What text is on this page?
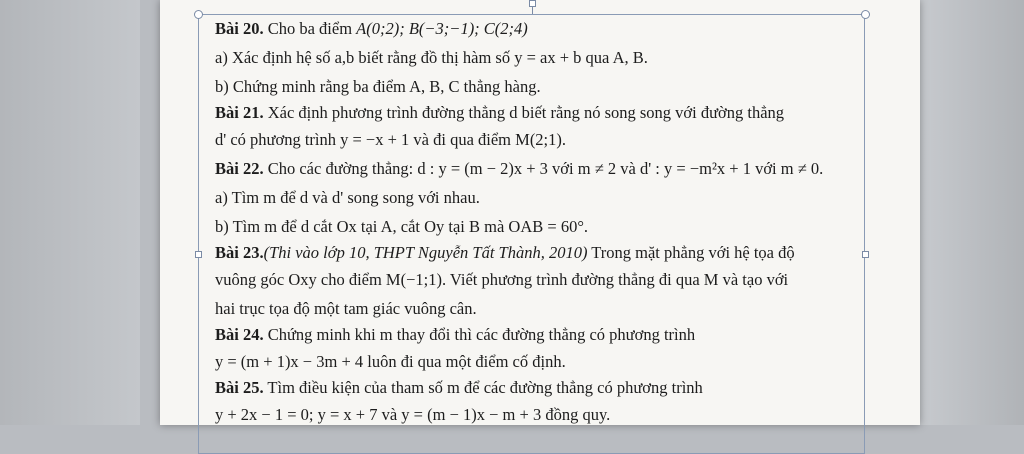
Bài 20. Cho ba điểm A(0;2); B(−3;−1); C(2;4)
a) Xác định hệ số a,b biết rằng đồ thị hàm số y = ax + b qua A, B.
b) Chứng minh rằng ba điểm A, B, C thẳng hàng.
Bài 21. Xác định phương trình đường thẳng d biết rằng nó song song với đường thẳng
d' có phương trình y = −x + 1 và đi qua điểm M(2;1).
Bài 22. Cho các đường thẳng: d : y = (m − 2)x + 3 với m ≠ 2 và d' : y = −m²x + 1 với m ≠ 0.
a) Tìm m để d và d' song song với nhau.
b) Tìm m để d cắt Ox tại A, cắt Oy tại B mà OAB = 60°.
Bài 23.(Thi vào lớp 10, THPT Nguyễn Tất Thành, 2010) Trong mặt phẳng với hệ tọa độ
vuông góc Oxy cho điểm M(−1;1). Viết phương trình đường thẳng đi qua M và tạo với
hai trục tọa độ một tam giác vuông cân.
Bài 24. Chứng minh khi m thay đổi thì các đường thẳng có phương trình
y = (m + 1)x − 3m + 4 luôn đi qua một điểm cố định.
Bài 25. Tìm điều kiện của tham số m để các đường thẳng có phương trình
y + 2x − 1 = 0; y = x + 7 và y = (m − 1)x − m + 3 đồng quy.
